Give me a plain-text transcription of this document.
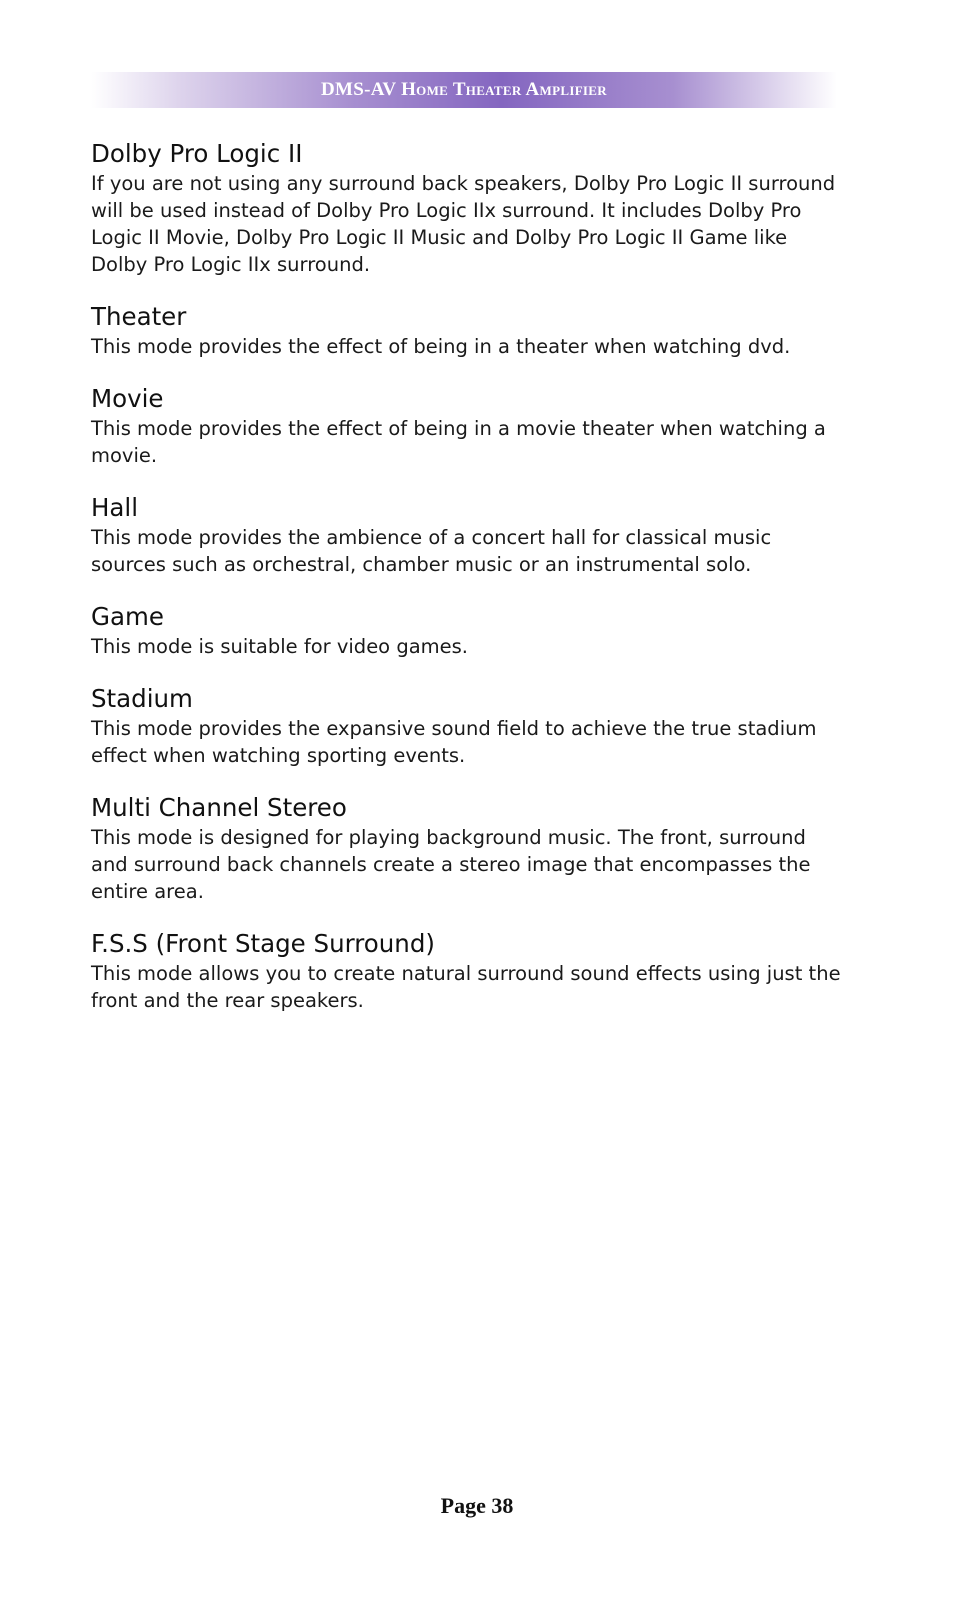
DMS-AV Home Theater Amplifier
Dolby Pro Logic II

If you are not using any surround back speakers, Dolby Pro Logic II surround will be used instead of Dolby Pro Logic IIx surround. It includes Dolby Pro Logic II Movie, Dolby Pro Logic II Music and Dolby Pro Logic II Game like Dolby Pro Logic IIx surround.

Theater

This mode provides the effect of being in a theater when watching dvd.

Movie

This mode provides the effect of being in a movie theater when watching a movie.

Hall

This mode provides the ambience of a concert hall for classical music sources such as orchestral, chamber music or an instrumental solo.

Game

This mode is suitable for video games.

Stadium

This mode provides the expansive sound field to achieve the true stadium effect when watching sporting events.

Multi Channel Stereo

This mode is designed for playing background music. The front, surround and surround back channels create a stereo image that encompasses the entire area.

F.S.S (Front Stage Surround)

This mode allows you to create natural surround sound effects using just the front and the rear speakers.

Page 38
